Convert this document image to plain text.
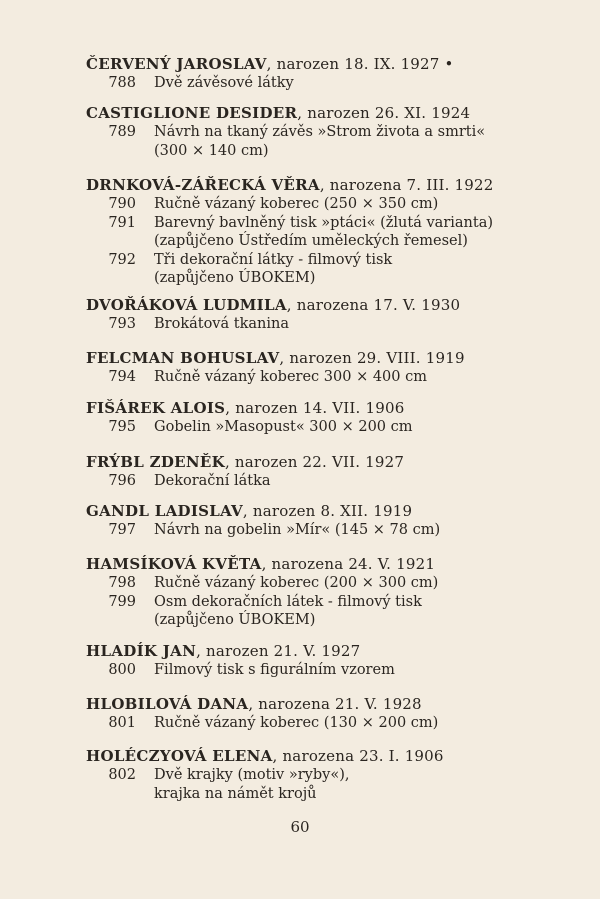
ČERVENÝ JAROSLAV, narozen 18. IX. 1927 •
788 Dvě závěsové látky
CASTIGLIONE DESIDER, narozen 26. XI. 1924
789 Návrh na tkaný závěs »Strom života a smrti«
(300 × 140 cm)
DRNKOVÁ-ZÁŘECKÁ VĚRA, narozena 7. III. 1922
790 Ručně vázaný koberec (250 × 350 cm)
791 Barevný bavlněný tisk »ptáci« (žlutá varianta)
(zapůjčeno Ústředím uměleckých řemesel)
792 Tři dekorační látky - filmový tisk
(zapůjčeno ÚBOKEM)
DVOŘÁKOVÁ LUDMILA, narozena 17. V. 1930
793 Brokátová tkanina
FELCMAN BOHUSLAV, narozen 29. VIII. 1919
794 Ručně vázaný koberec 300 × 400 cm
FIŠÁREK ALOIS, narozen 14. VII. 1906
795 Gobelin »Masopust« 300 × 200 cm
FRÝBL ZDENĚK, narozen 22. VII. 1927
796 Dekorační látka
GANDL LADISLAV, narozen 8. XII. 1919
797 Návrh na gobelin »Mír« (145 × 78 cm)
HAMSÍKOVÁ KVĚTA, narozena 24. V. 1921
798 Ručně vázaný koberec (200 × 300 cm)
799 Osm dekoračních látek - filmový tisk
(zapůjčeno ÚBOKEM)
HLADÍK JAN, narozen 21. V. 1927
800 Filmový tisk s figurálním vzorem
HLOBILOVÁ DANA, narozena 21. V. 1928
801 Ručně vázaný koberec (130 × 200 cm)
HOLÉCZYOVÁ ELENA, narozena 23. I. 1906
802 Dvě krajky (motiv »ryby«),
krajka na námět krojů
60
